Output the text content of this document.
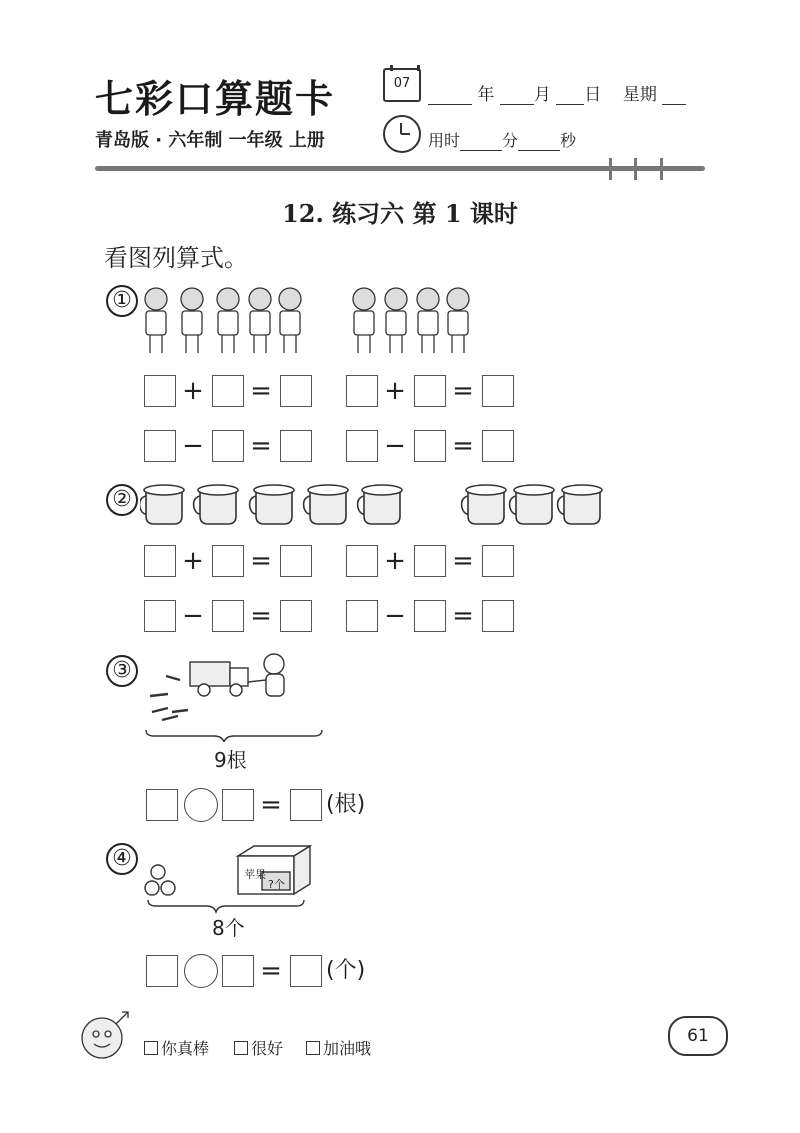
七彩口算题卡	07
年 月 日 星期
青岛版 · 六年制 一年级 上册	用时	分	秒
12. 练习六 第 1 课时
看图列算式。
①
+ =	+ =
− =	− =
②
+ =	+ =
− =	− =
③
9根
= (根)
④
苹果
?个
8个
= (个)
你真棒	很好	加油哦
61
